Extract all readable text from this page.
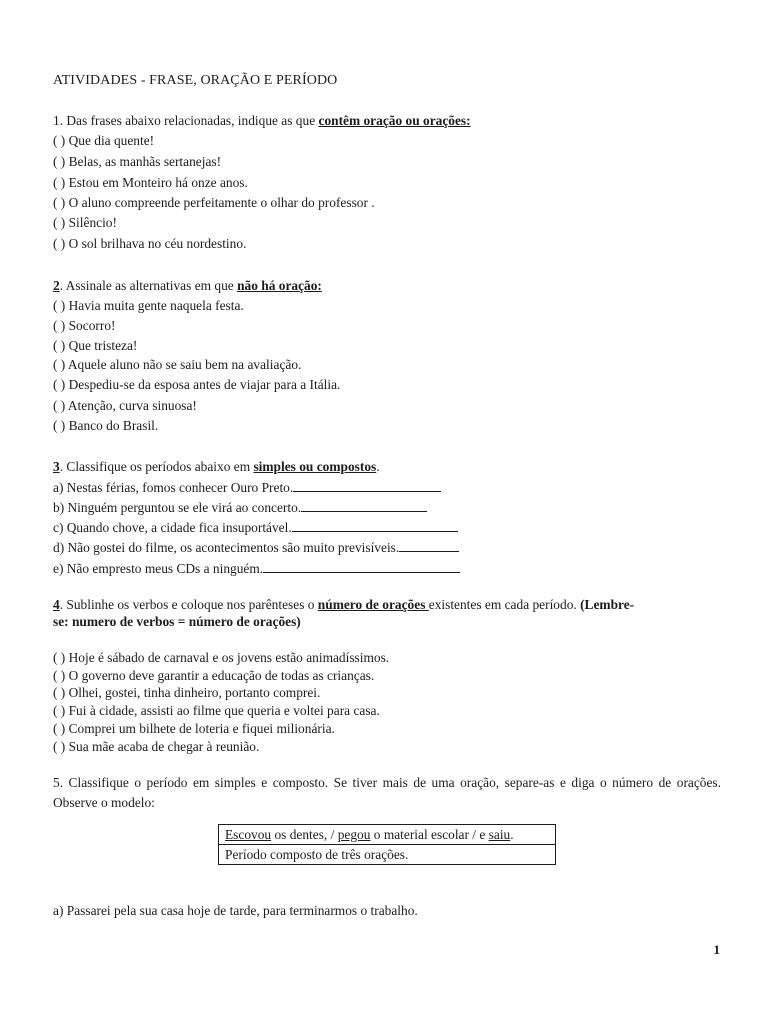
ATIVIDADES - FRASE, ORAÇÃO E PERÍODO
1. Das frases abaixo relacionadas, indique as que contêm oração ou orações:
( ) Que dia quente!
( ) Belas, as manhãs sertanejas!
( ) Estou em Monteiro há onze anos.
( ) O aluno compreende perfeitamente o olhar do professor .
( ) Silêncio!
( ) O sol brilhava no céu nordestino.
2. Assinale as alternativas em que não há oração:
( ) Havia muita gente naquela festa.
( ) Socorro!
( ) Que tristeza!
( ) Aquele aluno não se saiu bem na avaliação.
( ) Despediu-se da esposa antes de viajar para a Itália.
( ) Atenção, curva sinuosa!
( ) Banco do Brasil.
3. Classifique os períodos abaixo em simples ou compostos.
a) Nestas férias, fomos conhecer Ouro Preto.
b) Ninguém perguntou se ele virá ao concerto.
c) Quando chove, a cidade fica insuportável.
d) Não gostei do filme, os acontecimentos são muito previsíveis.
e) Não empresto meus CDs a ninguém.
4. Sublinhe os verbos e coloque nos parênteses o número de orações existentes em cada período. (Lembre-
se: numero de verbos = número de orações)
( ) Hoje é sábado de carnaval e os jovens estão animadíssimos.
( ) O governo deve garantir a educação de todas as crianças.
( ) Olhei, gostei, tinha dinheiro, portanto comprei.
( ) Fui à cidade, assisti ao filme que queria e voltei para casa.
( ) Comprei um bilhete de loteria e fiquei milionária.
( ) Sua mãe acaba de chegar à reunião.
5. Classifique o período em simples e composto. Se tiver mais de uma oração, separe-as e diga o número de orações. Observe o modelo:
a) Passarei pela sua casa hoje de tarde, para terminarmos o trabalho.
Escovou os dentes, / pegou o material escolar / e saiu.
Período composto de três orações.
1
